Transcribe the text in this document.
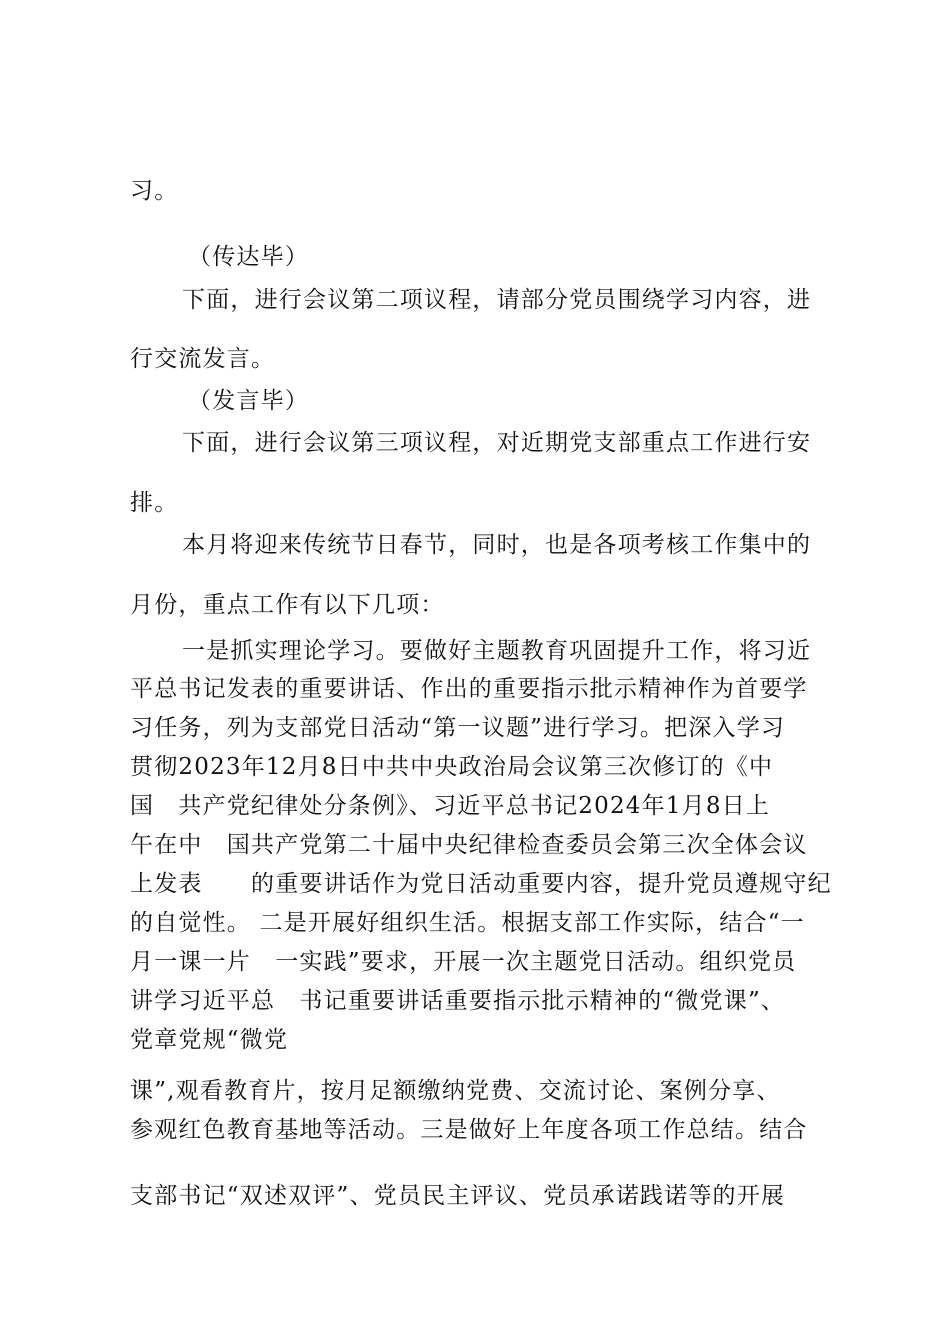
习。
（传达毕）
下面，进行会议第二项议程，请部分党员围绕学习内容，进
行交流发言。
（发言毕）
下面，进行会议第三项议程，对近期党支部重点工作进行安
排。
本月将迎来传统节日春节，同时，也是各项考核工作集中的
月份，重点工作有以下几项：
一是抓实理论学习。要做好主题教育巩固提升工作，将习近
平总书记发表的重要讲话、作出的重要指示批示精神作为首要学
习任务，列为支部党日活动“第一议题”进行学习。把深入学习
贯彻2023年12月8日中共中央政治局会议第三次修订的《中
国　共产党纪律处分条例》、习近平总书记2024年1月8日上
午在中　国共产党第二十届中央纪律检查委员会第三次全体会议
上发表　　的重要讲话作为党日活动重要内容，提升党员遵规守纪
的自觉性。 二是开展好组织生活。根据支部工作实际，结合“一
月一课一片　一实践”要求，开展一次主题党日活动。组织党员
讲学习近平总　书记重要讲话重要指示批示精神的“微党课”、
党章党规“微党
课”,观看教育片，按月足额缴纳党费、交流讨论、案例分享、
参观红色教育基地等活动。三是做好上年度各项工作总结。结合
支部书记“双述双评”、党员民主评议、党员承诺践诺等的开展
